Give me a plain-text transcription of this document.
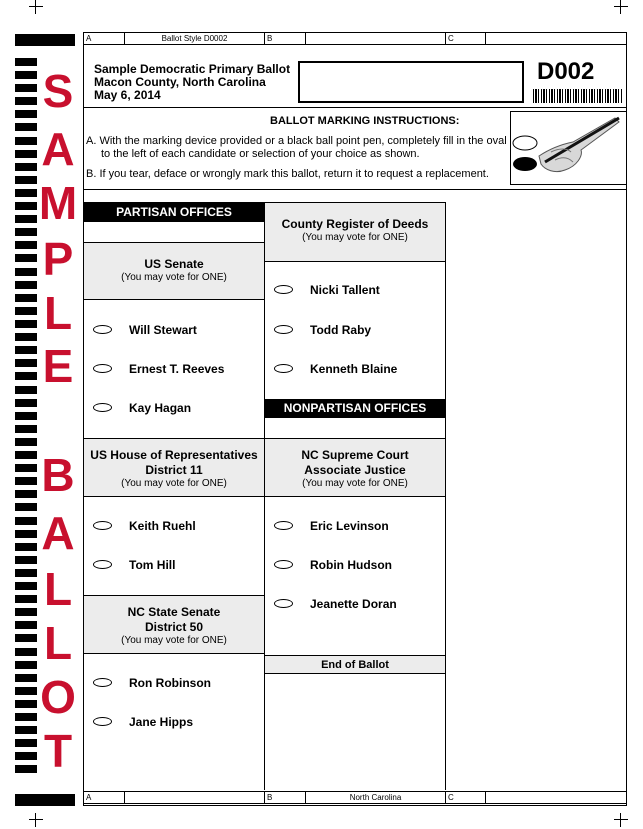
S
A
M
P
L
E
B
A
L
L
O
T
A	Ballot Style D0002	B	C
A	B	North Carolina	C
Sample Democratic Primary Ballot
Macon County, North Carolina
May 6, 2014
D002
BALLOT MARKING INSTRUCTIONS:
A. With the marking device provided or a black ball point pen, completely fill in the oval
to the left of each candidate or selection of your choice as shown.
B. If you tear, deface or wrongly mark this ballot, return it to request a replacement.
PARTISAN OFFICES
US Senate
(You may vote for ONE)
Will Stewart
Ernest T. Reeves
Kay Hagan
US House of Representatives
District 11
(You may vote for ONE)
Keith Ruehl
Tom Hill
NC State Senate
District 50
(You may vote for ONE)
Ron Robinson
Jane Hipps
County Register of Deeds
(You may vote for ONE)
Nicki Tallent
Todd Raby
Kenneth Blaine
NONPARTISAN OFFICES
NC Supreme Court
Associate Justice
(You may vote for ONE)
Eric Levinson
Robin Hudson
Jeanette Doran
End of Ballot
